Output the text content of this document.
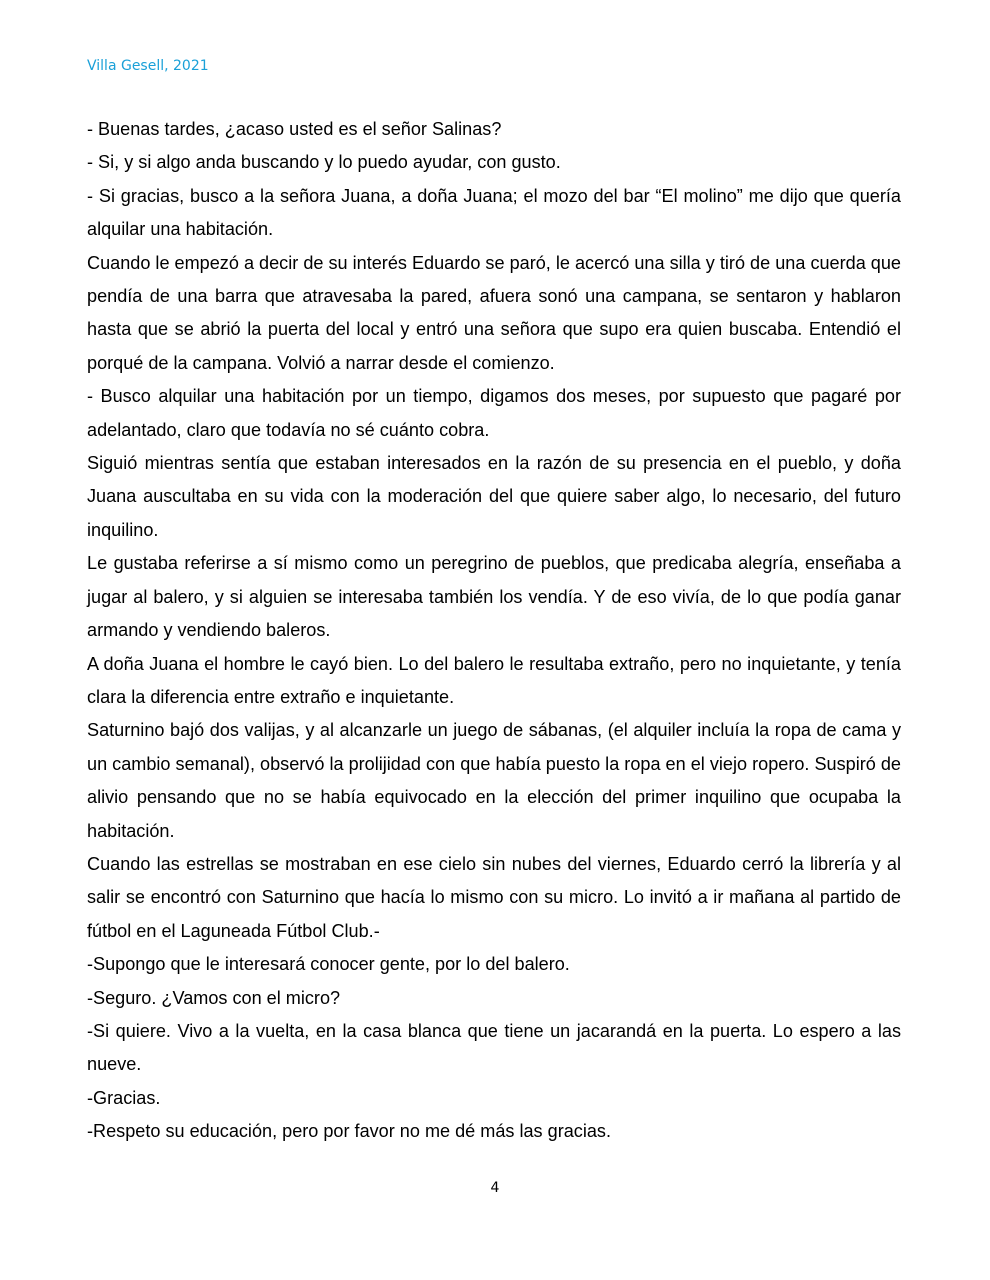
Villa Gesell, 2021

- Buenas tardes, ¿acaso usted es el señor Salinas?

- Si, y si algo anda buscando y lo puedo ayudar, con gusto.

- Si gracias, busco a la señora Juana, a doña Juana; el mozo del bar “El molino” me dijo que quería alquilar una habitación.

Cuando le empezó a decir de su interés Eduardo se paró, le acercó una silla y tiró de una cuerda que pendía de una barra que atravesaba la pared, afuera sonó una campana, se sentaron y hablaron hasta que se abrió la puerta del local y entró una señora que supo era quien buscaba. Entendió el porqué de la campana. Volvió a narrar desde el comienzo.

- Busco alquilar una habitación por un tiempo, digamos dos meses, por supuesto que pagaré por adelantado, claro que todavía no sé cuánto cobra.

Siguió mientras sentía que estaban interesados en la razón de su presencia en el pueblo, y doña Juana auscultaba en su vida con la moderación del que quiere saber algo, lo necesario, del futuro inquilino.

Le gustaba referirse a sí mismo como un peregrino de pueblos, que predicaba alegría, enseñaba a jugar al balero, y si alguien se interesaba también los vendía. Y de eso vivía, de lo que podía ganar armando y vendiendo baleros.

A doña Juana el hombre le cayó bien. Lo del balero le resultaba extraño, pero no inquietante, y tenía clara la diferencia entre extraño e inquietante.

Saturnino bajó dos valijas, y al alcanzarle un juego de sábanas, (el alquiler incluía la ropa de cama y un cambio semanal), observó la prolijidad con que había puesto la ropa en el viejo ropero. Suspiró de alivio pensando que no se había equivocado en la elección del primer inquilino que ocupaba la habitación.

Cuando las estrellas se mostraban en ese cielo sin nubes del viernes, Eduardo cerró la librería y al salir se encontró con Saturnino que hacía lo mismo con su micro. Lo invitó a ir mañana al partido de fútbol en el Laguneada Fútbol Club.-

-Supongo que le interesará conocer gente, por lo del balero.

-Seguro. ¿Vamos con el micro?

-Si quiere. Vivo a la vuelta, en la casa blanca que tiene un jacarandá en la puerta. Lo espero a las nueve.

-Gracias.

-Respeto su educación, pero por favor no me dé más las gracias.

4
